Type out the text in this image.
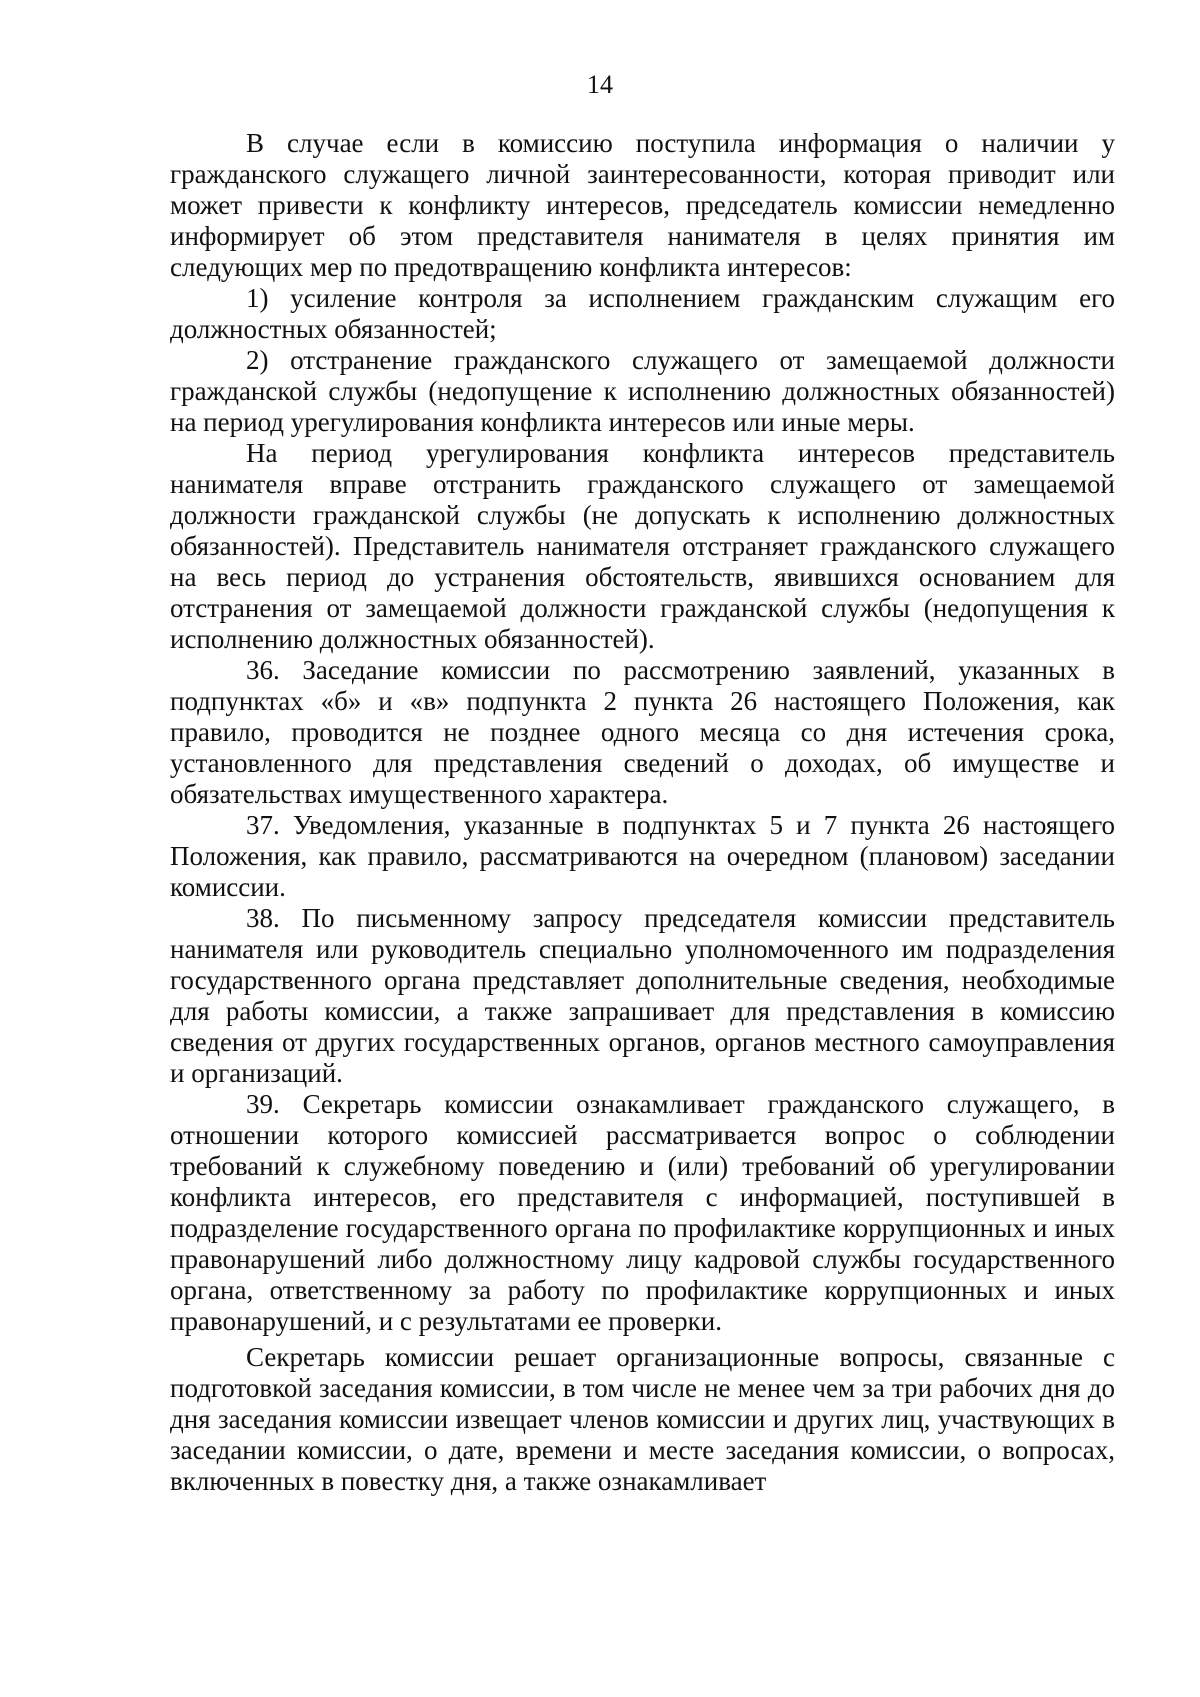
14

В случае если в комиссию поступила информация о наличии у гражданского служащего личной заинтересованности, которая приводит или может привести к конфликту интересов, председатель комиссии немедленно информирует об этом представителя нанимателя в целях принятия им следующих мер по предотвращению конфликта интересов:

1) усиление контроля за исполнением гражданским служащим его должностных обязанностей;

2) отстранение гражданского служащего от замещаемой должности гражданской службы (недопущение к исполнению должностных обязанностей) на период урегулирования конфликта интересов или иные меры.

На период урегулирования конфликта интересов представитель нанимателя вправе отстранить гражданского служащего от замещаемой должности гражданской службы (не допускать к исполнению должностных обязанностей). Представитель нанимателя отстраняет гражданского служащего на весь период до устранения обстоятельств, явившихся основанием для отстранения от замещаемой должности гражданской службы (недопущения к исполнению должностных обязанностей).

36. Заседание комиссии по рассмотрению заявлений, указанных в подпунктах «б» и «в» подпункта 2 пункта 26 настоящего Положения, как правило, проводится не позднее одного месяца со дня истечения срока, установленного для представления сведений о доходах, об имуществе и обязательствах имущественного характера.

37. Уведомления, указанные в подпунктах 5 и 7 пункта 26 настоящего Положения, как правило, рассматриваются на очередном (плановом) заседании комиссии.

38. По письменному запросу председателя комиссии представитель нанимателя или руководитель специально уполномоченного им подразделения государственного органа представляет дополнительные сведения, необходимые для работы комиссии, а также запрашивает для представления в комиссию сведения от других государственных органов, органов местного самоуправления и организаций.

39. Секретарь комиссии ознакамливает гражданского служащего, в отношении которого комиссией рассматривается вопрос о соблюдении требований к служебному поведению и (или) требований об урегулировании конфликта интересов, его представителя с информацией, поступившей в подразделение государственного органа по профилактике коррупционных и иных правонарушений либо должностному лицу кадровой службы государственного органа, ответственному за работу по профилактике коррупционных и иных правонарушений, и с результатами ее проверки.

Секретарь комиссии решает организационные вопросы, связанные с подготовкой заседания комиссии, в том числе не менее чем за три рабочих дня до дня заседания комиссии извещает членов комиссии и других лиц, участвующих в заседании комиссии, о дате, времени и месте заседания комиссии, о вопросах, включенных в повестку дня, а также ознакамливает
